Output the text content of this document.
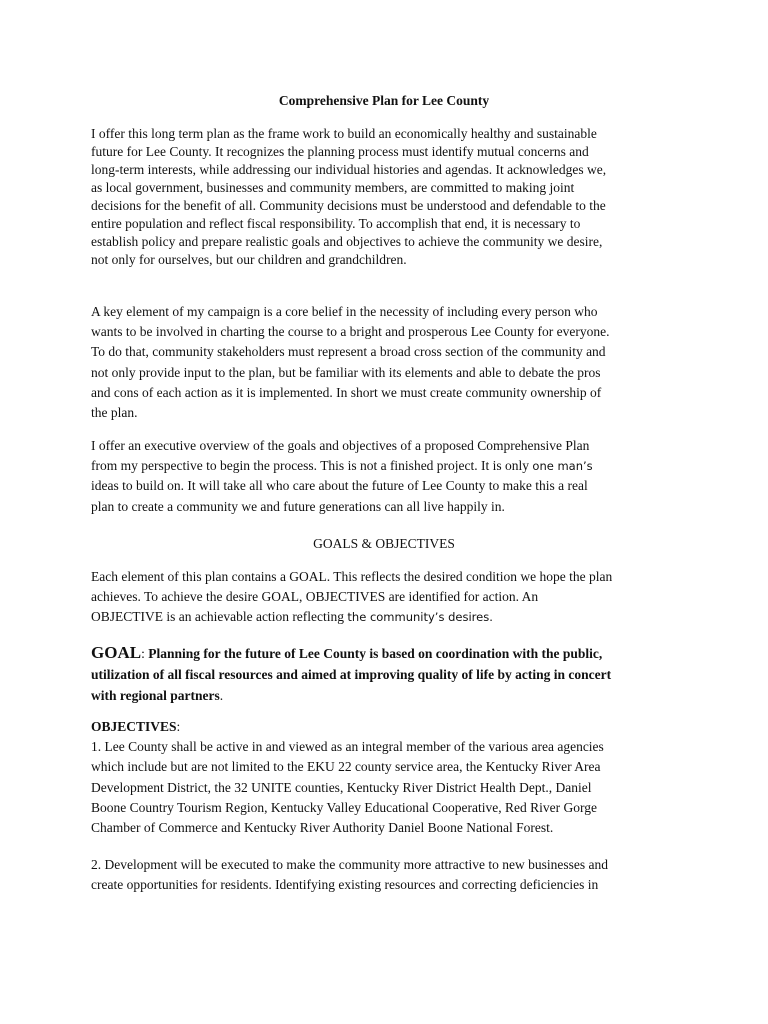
Comprehensive Plan for Lee County
I offer this long term plan as the frame work to build an economically healthy and sustainable
future for Lee County. It recognizes the planning process must identify mutual concerns and
long-term interests, while addressing our individual histories and agendas. It acknowledges we,
as local government, businesses and community members, are committed to making joint
decisions for the benefit of all. Community decisions must be understood and defendable to the
entire population and reflect fiscal responsibility. To accomplish that end, it is necessary to
establish policy and prepare realistic goals and objectives to achieve the community we desire,
not only for ourselves, but our children and grandchildren.
A key element of my campaign is a core belief in the necessity of including every person who
wants to be involved in charting the course to a bright and prosperous Lee County for everyone.
To do that, community stakeholders must represent a broad cross section of the community and
not only provide input to the plan, but be familiar with its elements and able to debate the pros
and cons of each action as it is implemented. In short we must create community ownership of
the plan.
I offer an executive overview of the goals and objectives of a proposed Comprehensive Plan
from my perspective to begin the process. This is not a finished project. It is only one man’s
ideas to build on. It will take all who care about the future of Lee County to make this a real
plan to create a community we and future generations can all live happily in.
GOALS & OBJECTIVES
Each element of this plan contains a GOAL. This reflects the desired condition we hope the plan
achieves. To achieve the desire GOAL, OBJECTIVES are identified for action. An
OBJECTIVE is an achievable action reflecting the community’s desires.
GOAL: Planning for the future of Lee County is based on coordination with the public,
utilization of all fiscal resources and aimed at improving quality of life by acting in concert
with regional partners.
OBJECTIVES:
1. Lee County shall be active in and viewed as an integral member of the various area agencies
which include but are not limited to the EKU 22 county service area, the Kentucky River Area
Development District, the 32 UNITE counties, Kentucky River District Health Dept., Daniel
Boone Country Tourism Region, Kentucky Valley Educational Cooperative, Red River Gorge
Chamber of Commerce and Kentucky River Authority Daniel Boone National Forest.
2. Development will be executed to make the community more attractive to new businesses and
create opportunities for residents. Identifying existing resources and correcting deficiencies in
